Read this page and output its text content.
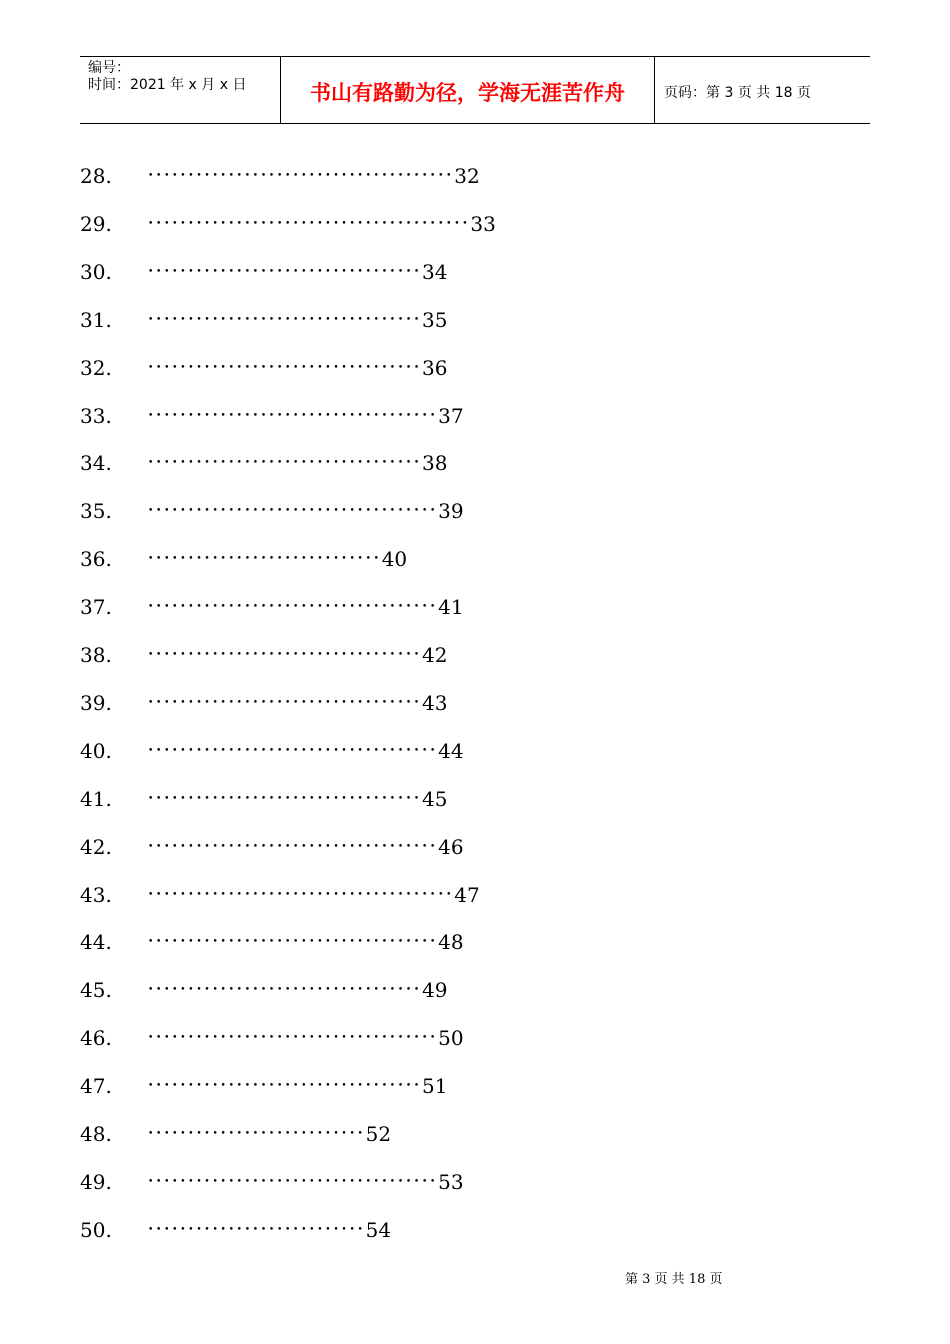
编号：
时间：2021 年 x 月 x 日	书山有路勤为径，学海无涯苦作舟	页码：第 3 页 共 18 页
28.	•••••••••••••••••••••••••••••••••••••• 32
29.	•••••••••••••••••••••••••••••••••••••••• 33
30.	•••••••••••••••••••••••••••••••••• 34
31.	•••••••••••••••••••••••••••••••••• 35
32.	•••••••••••••••••••••••••••••••••• 36
33.	•••••••••••••••••••••••••••••••••••• 37
34.	•••••••••••••••••••••••••••••••••• 38
35.	•••••••••••••••••••••••••••••••••••• 39
36.	••••••••••••••••••••••••••••• 40
37.	•••••••••••••••••••••••••••••••••••• 41
38.	•••••••••••••••••••••••••••••••••• 42
39.	•••••••••••••••••••••••••••••••••• 43
40.	•••••••••••••••••••••••••••••••••••• 44
41.	•••••••••••••••••••••••••••••••••• 45
42.	•••••••••••••••••••••••••••••••••••• 46
43.	•••••••••••••••••••••••••••••••••••••• 47
44.	•••••••••••••••••••••••••••••••••••• 48
45.	•••••••••••••••••••••••••••••••••• 49
46.	•••••••••••••••••••••••••••••••••••• 50
47.	•••••••••••••••••••••••••••••••••• 51
48.	••••••••••••••••••••••••••• 52
49.	•••••••••••••••••••••••••••••••••••• 53
50.	••••••••••••••••••••••••••• 54
第 3 页 共 18 页
